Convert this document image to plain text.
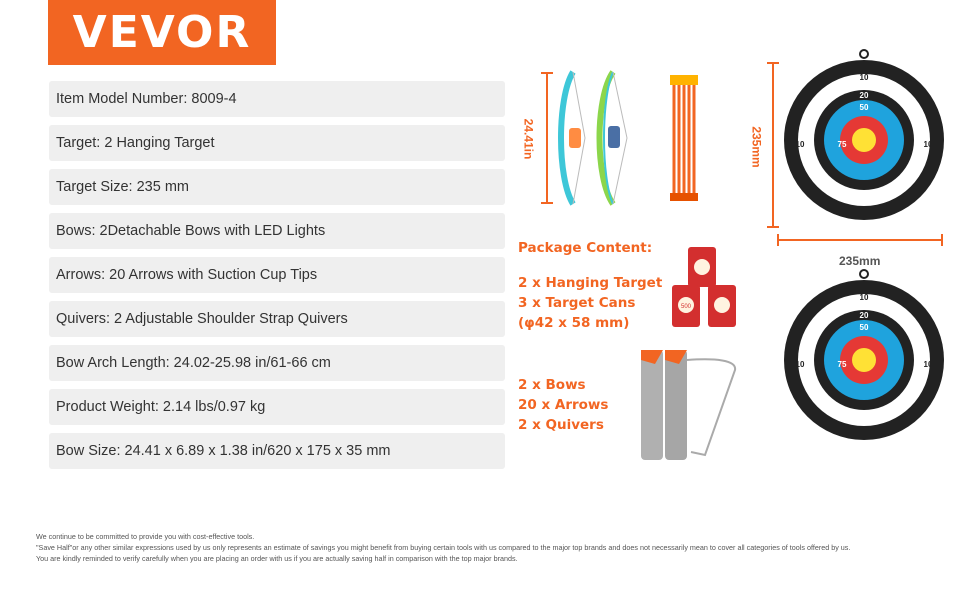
VEVOR
Item Model Number: 8009-4
Target: 2 Hanging Target
Target Size: 235 mm
Bows: 2Detachable Bows with LED Lights
Arrows: 20 Arrows with Suction Cup Tips
Quivers: 2 Adjustable Shoulder Strap Quivers
Bow Arch Length: 24.02-25.98 in/61-66 cm
Product Weight: 2.14 lbs/0.97 kg
Bow Size: 24.41 x 6.89 x 1.38 in/620 x 175 x 35 mm
24.41in	235mm
235mm
10
20
50
75
10	10
20
Package Content:
2 x Hanging Target
3 x Target Cans
(φ42 x 58 mm)
2 x Bows
20 x Arrows
2 x Quivers
500
10
20
50
75
10	10
20
We continue to be committed to provide you with cost-effective tools.
"Save Half"or any other similar expressions used by us only represents an estimate of savings you might benefit from buying certain tools with us compared to the major top brands and does not necessarily mean to cover all categories of tools offered by us.
You are kindly reminded to verify carefully when you are placing an order with us if you are actually saving half in comparison with the top major brands.
